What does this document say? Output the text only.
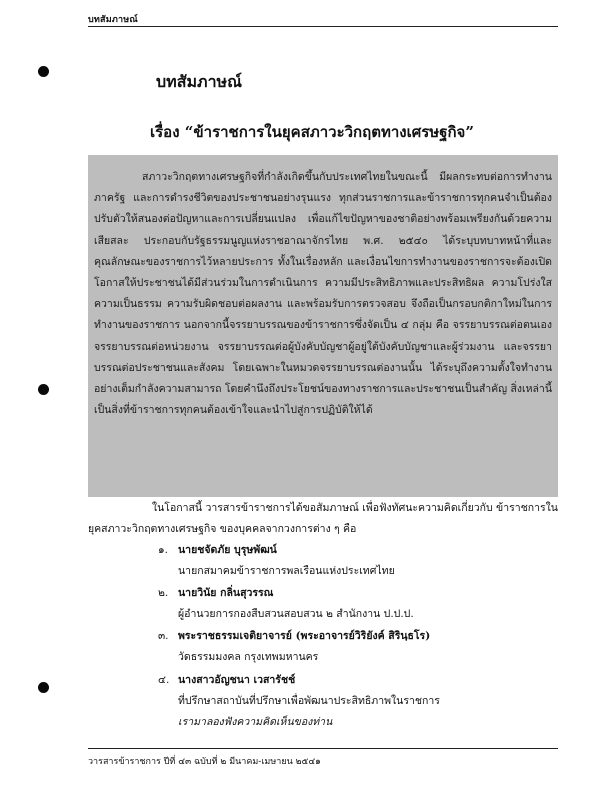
บทสัมภาษณ์
บทสัมภาษณ์
เรื่อง “ข้าราชการในยุคสภาวะวิกฤตทางเศรษฐกิจ”

สภาวะวิกฤตทางเศรษฐกิจที่กำลังเกิดขึ้นกับประเทศไทยในขณะนี้ มีผลกระทบต่อการทำงานภาครัฐ และการดำรงชีวิตของประชาชนอย่างรุนแรง ทุกส่วนราชการและข้าราชการทุกคนจำเป็นต้องปรับตัวให้สนองต่อปัญหาและการเปลี่ยนแปลง เพื่อแก้ไขปัญหาของชาติอย่างพร้อมเพรียงกันด้วยความเสียสละ ประกอบกับรัฐธรรมนูญแห่งราชอาณาจักรไทย พ.ศ. ๒๕๔๐ ได้ระบุบทบาทหน้าที่และคุณลักษณะของราชการไว้หลายประการ ทั้งในเรื่องหลัก และเงื่อนไขการทำงานของราชการจะต้องเปิดโอกาสให้ประชาชนได้มีส่วนร่วมในการดำเนินการ ความมีประสิทธิภาพและประสิทธิผล ความโปร่งใส ความเป็นธรรม ความรับผิดชอบต่อผลงาน และพร้อมรับการตรวจสอบ จึงถือเป็นกรอบกติกาใหม่ในการทำงานของราชการ นอกจากนี้จรรยาบรรณของข้าราชการซึ่งจัดเป็น ๔ กลุ่ม คือ จรรยาบรรณต่อตนเอง จรรยาบรรณต่อหน่วยงาน จรรยาบรรณต่อผู้บังคับบัญชาผู้อยู่ใต้บังคับบัญชาและผู้ร่วมงาน และจรรยาบรรณต่อประชาชนและสังคม โดยเฉพาะในหมวดจรรยาบรรณต่องานนั้น ได้ระบุถึงความตั้งใจทำงานอย่างเต็มกำลังความสามารถ โดยคำนึงถึงประโยชน์ของทางราชการและประชาชนเป็นสำคัญ สิ่งเหล่านี้เป็นสิ่งที่ข้าราชการทุกคนต้องเข้าใจและนำไปสู่การปฏิบัติให้ได้

ในโอกาสนี้ วารสารข้าราชการได้ขอสัมภาษณ์ เพื่อฟังทัศนะความคิดเกี่ยวกับ ข้าราชการในยุคสภาวะวิกฤตทางเศรษฐกิจ ของบุคคลจากวงการต่าง ๆ คือ

๑. นายชจัดภัย บุรุษพัฒน์
นายกสมาคมข้าราชการพลเรือนแห่งประเทศไทย
๒. นายวินัย กลิ่นสุวรรณ
ผู้อำนวยการกองสืบสวนสอบสวน ๒ สำนักงาน ป.ป.ป.
๓. พระราชธรรมเจติยาจารย์ (พระอาจารย์วิริยังค์ สิรินฺธโร)
วัดธรรมมงคล กรุงเทพมหานคร
๔. นางสาวอัญชนา เวสารัชช์
ที่ปรึกษาสถาบันที่ปรึกษาเพื่อพัฒนาประสิทธิภาพในราชการ
เรามาลองฟังความคิดเห็นของท่าน
วารสารข้าราชการ ปีที่ ๔๓ ฉบับที่ ๒ มีนาคม-เมษายน ๒๕๔๑
